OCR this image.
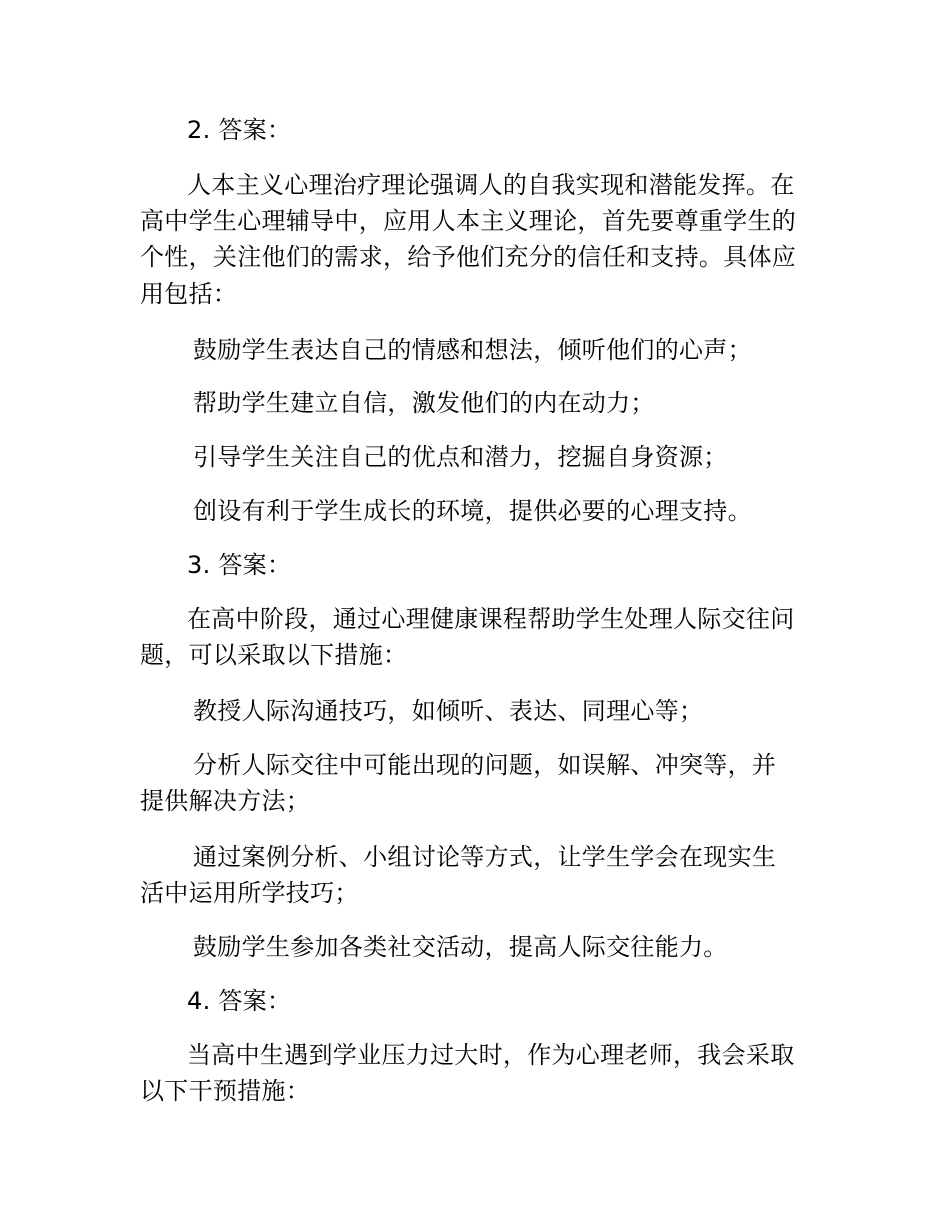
2. 答案：
人本主义心理治疗理论强调人的自我实现和潜能发挥。在
高中学生心理辅导中，应用人本主义理论，首先要尊重学生的
个性，关注他们的需求，给予他们充分的信任和支持。具体应
用包括：
鼓励学生表达自己的情感和想法，倾听他们的心声；
帮助学生建立自信，激发他们的内在动力；
引导学生关注自己的优点和潜力，挖掘自身资源；
创设有利于学生成长的环境，提供必要的心理支持。
3. 答案：
在高中阶段，通过心理健康课程帮助学生处理人际交往问
题，可以采取以下措施：
教授人际沟通技巧，如倾听、表达、同理心等；
分析人际交往中可能出现的问题，如误解、冲突等，并
提供解决方法；
通过案例分析、小组讨论等方式，让学生学会在现实生
活中运用所学技巧；
鼓励学生参加各类社交活动，提高人际交往能力。
4. 答案：
当高中生遇到学业压力过大时，作为心理老师，我会采取
以下干预措施：
